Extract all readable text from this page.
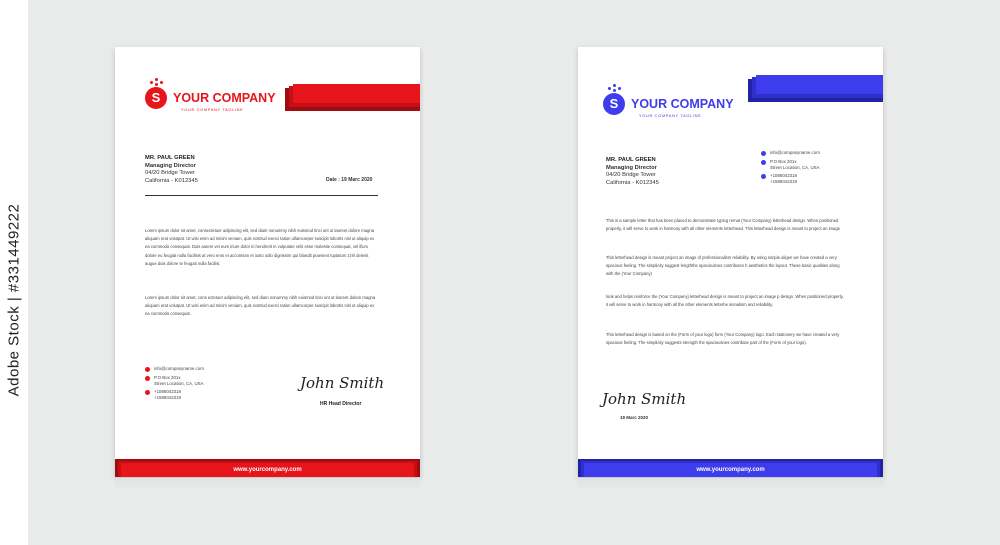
Adobe Stock | #331449222
S	YOUR COMPANY
YOUR COMPANY TAGLINE
MR. PAUL GREEN
Managing Director
04/20 Bridge Tower
California - K012345	Date : 19 Marc 2020
Lorem ipsum dolor sit amet, consectetuer adipiscing elit, sed diam nonummy nibh euismod tinci unt ut laoreet dolore magna aliquam erat volutpat. Ut wisi enim ad minim veniam, quis nostrud exerci tation ullamcorper suscipit lobortis nisl ut aliquip ex ea commodo consequat. Duis autem vel eum iriure dolor in hendrerit in vulputate velit esse molestie consequat, vel illum dolore eu feugiat nulla facilisis at vero eros et accumsan et iusto odio dignissim qui blandit praesent luptatum zzril delenit augue duis dolore te feugait nulla facilisi.
Lorem ipsum dolor sit amet, cons ectetuer adipiscing elit, sed diam nonummy nibh euismod tinci unt ut laoreet dolore magna aliquam erat volutpat. Ut wisi enim ad minim veniam, quis nostrud exerci tation ullamcorper suscipit lobortis nisl ut aliquip ex ea commodo consequat.
info@companyname.com
P.O Box 201x
Street Location, CA, USA
+1595042318
+1595042319
John Smith
HR Head Director
www.yourcompany.com
S	YOUR COMPANY
YOUR COMPANY TAGLINE
MR. PAUL GREEN
Managing Director
04/20 Bridge Tower
California - K012345
info@companyname.com
P.O Box 201x
Street Location, CA, USA
+1595042318
+1595042319
This is a sample letter that has been placed to demonstrate typing remat (Your Company) letterhead design. When positioned properly, it will serve to work in harmony with all other elements letterhead. This letterhead design is meant to project an image
This letterhead design is meant project an image of professionalism reliability. By using simple aligen we have created a very spacious feeling. The simplicity suggest lengththe spaciousnes contributes h aesthetics the layout. These basic qualities along with the (Your Company)
look and helps reinforce the (Your Company) letterhead design is meant to project an image p design. When positioned properly, it will serve to work in harmony with all the other elements letterhe sionalism and reliability.
This letterhead design is based on the (Form of your logo) form (Your Company) logo. Each stationery we have created a very spacious feeling. The simplicity suggests strength the spaciousnes contribute part of the (Form of your logo).
John Smith
19 Marc 2020
www.yourcompany.com
